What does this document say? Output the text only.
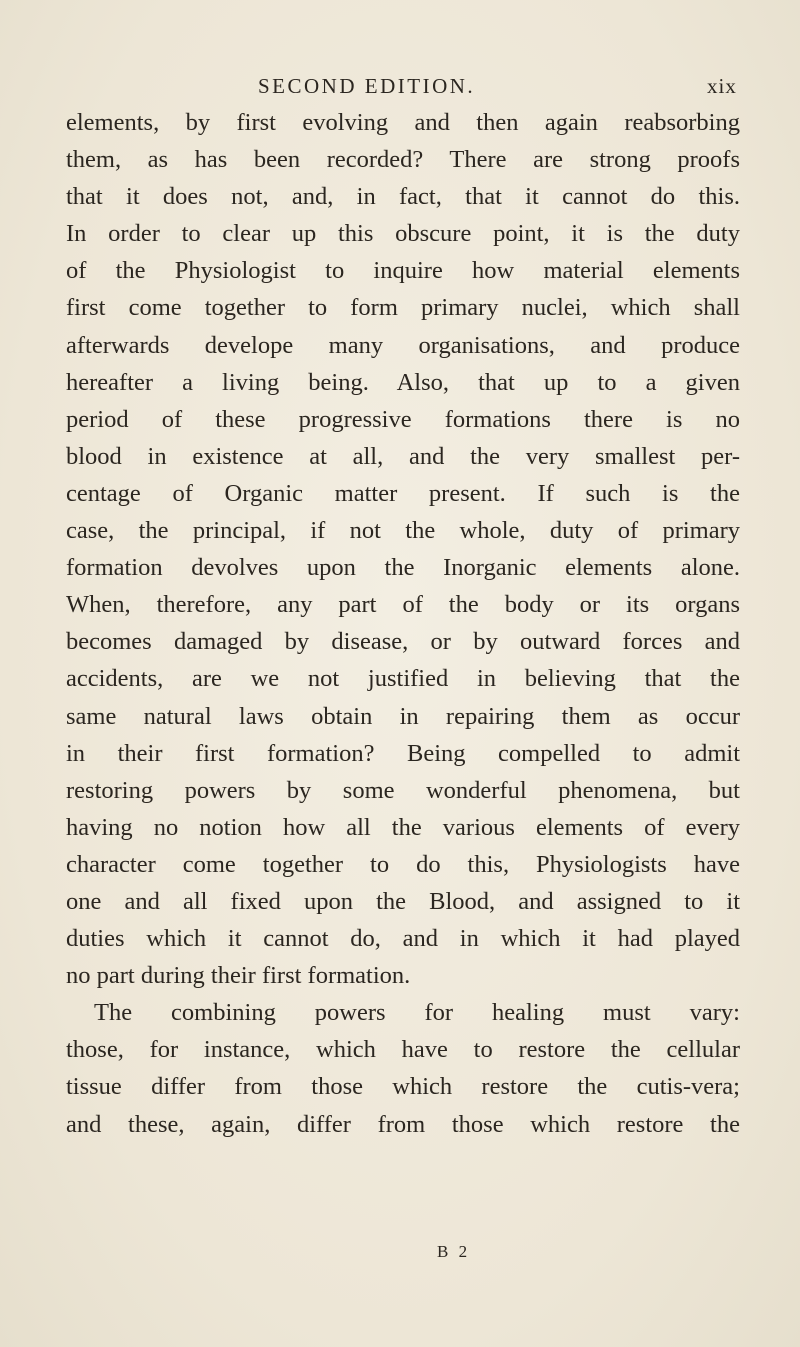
SECOND EDITION.	xix
elements, by first evolving and then again reabsorbing
them, as has been recorded? There are strong proofs
that it does not, and, in fact, that it cannot do this.
In order to clear up this obscure point, it is the duty
of the Physiologist to inquire how material elements
first come together to form primary nuclei, which shall
afterwards develope many organisations, and produce
hereafter a living being. Also, that up to a given
period of these progressive formations there is no
blood in existence at all, and the very smallest per-
centage of Organic matter present. If such is the
case, the principal, if not the whole, duty of primary
formation devolves upon the Inorganic elements alone.
When, therefore, any part of the body or its organs
becomes damaged by disease, or by outward forces and
accidents, are we not justified in believing that the
same natural laws obtain in repairing them as occur
in their first formation? Being compelled to admit
restoring powers by some wonderful phenomena, but
having no notion how all the various elements of every
character come together to do this, Physiologists have
one and all fixed upon the Blood, and assigned to it
duties which it cannot do, and in which it had played
no part during their first formation.
The combining powers for healing must vary:
those, for instance, which have to restore the cellular
tissue differ from those which restore the cutis-vera;
and these, again, differ from those which restore the
B 2
